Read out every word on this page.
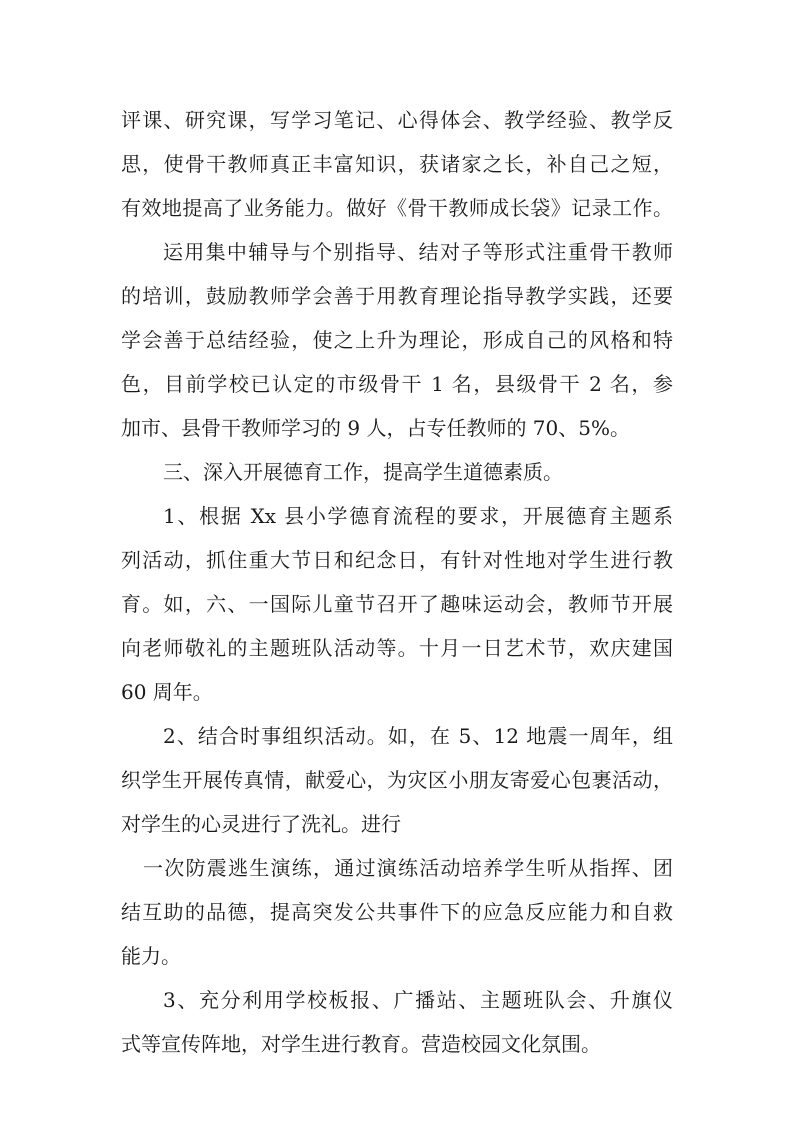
评课、研究课，写学习笔记、心得体会、教学经验、教学反

思，使骨干教师真正丰富知识，获诸家之长，补自己之短，

有效地提高了业务能力。做好《骨干教师成长袋》记录工作。

运用集中辅导与个别指导、结对子等形式注重骨干教师

的培训，鼓励教师学会善于用教育理论指导教学实践，还要

学会善于总结经验，使之上升为理论，形成自己的风格和特

色，目前学校已认定的市级骨干 1 名，县级骨干 2 名，参

加市、县骨干教师学习的 9 人，占专任教师的 70、5%。

三、深入开展德育工作，提高学生道德素质。

1、根据 Xx 县小学德育流程的要求，开展德育主题系

列活动，抓住重大节日和纪念日，有针对性地对学生进行教

育。如，六、一国际儿童节召开了趣味运动会，教师节开展

向老师敬礼的主题班队活动等。十月一日艺术节，欢庆建国

60 周年。

2、结合时事组织活动。如，在 5、12 地震一周年，组

织学生开展传真情，献爱心，为灾区小朋友寄爱心包裹活动，

对学生的心灵进行了洗礼。进行

一次防震逃生演练，通过演练活动培养学生听从指挥、团

结互助的品德，提高突发公共事件下的应急反应能力和自救

能力。

3、充分利用学校板报、广播站、主题班队会、升旗仪

式等宣传阵地，对学生进行教育。营造校园文化氛围。
